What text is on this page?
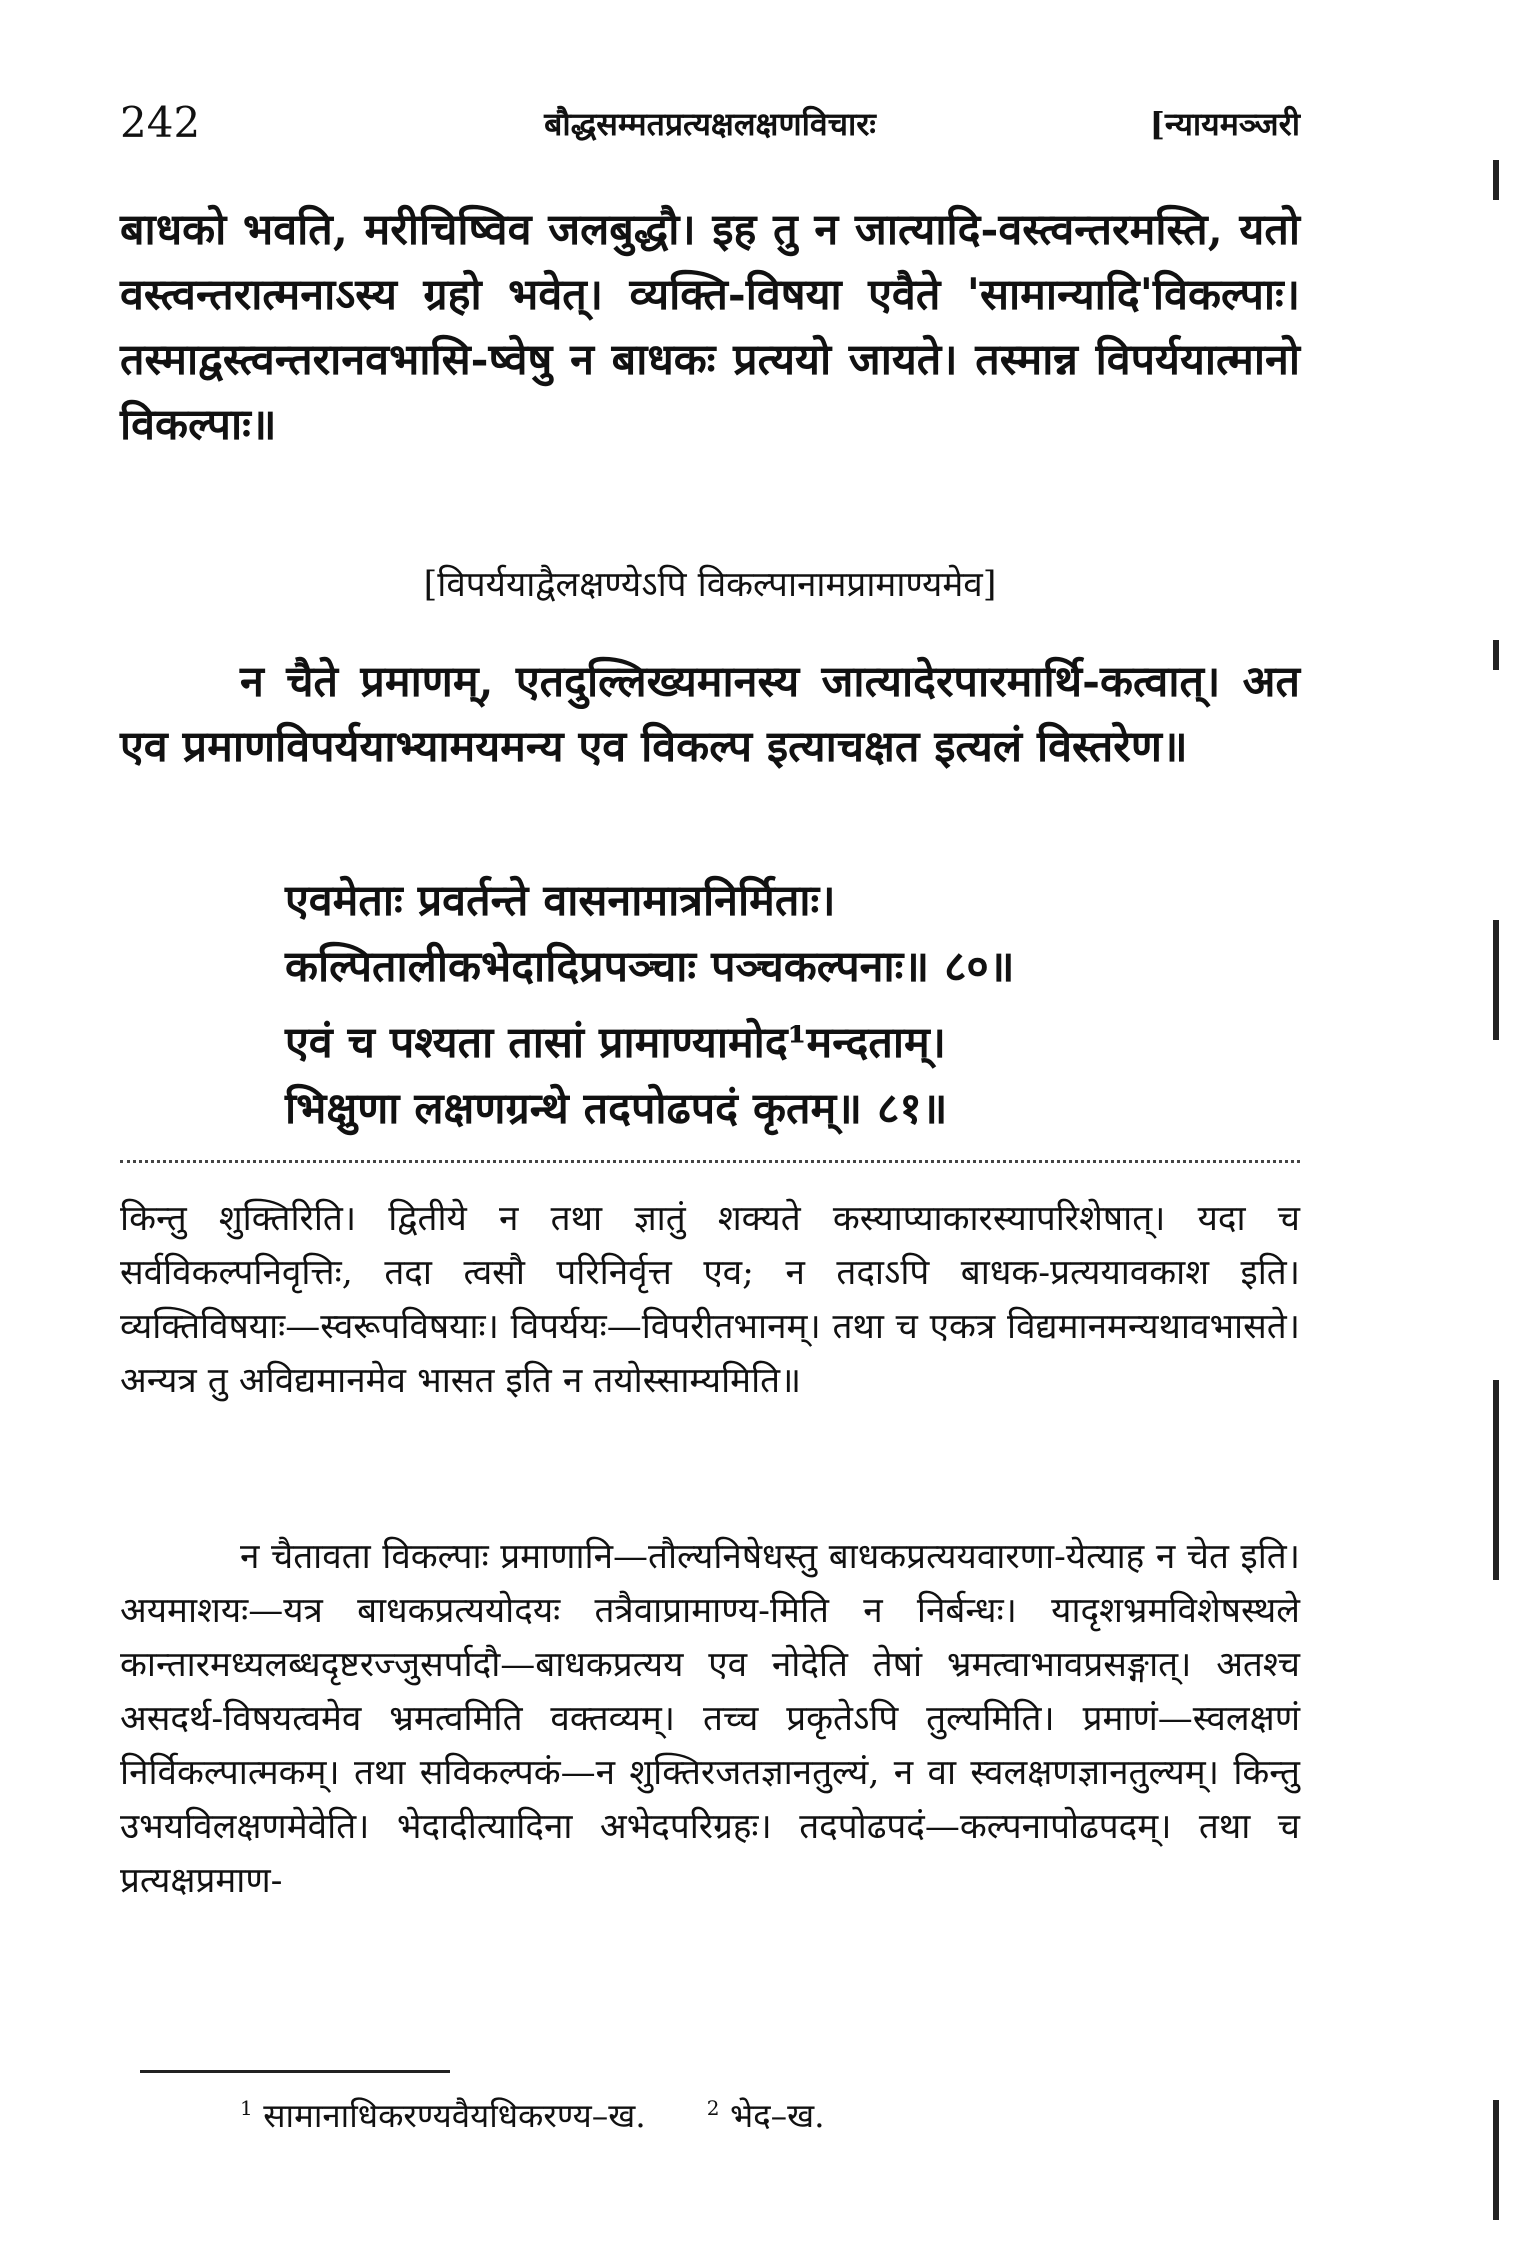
242	बौद्धसम्मतप्रत्यक्षलक्षणविचारः	[न्यायमञ्जरी
बाधको भवति, मरीचिष्विव जलबुद्धौ। इह तु न जात्यादि-वस्त्वन्तरमस्ति, यतो वस्त्वन्तरात्मनाऽस्य ग्रहो भवेत्। व्यक्ति-विषया एवैते 'सामान्यादि'विकल्पाः। तस्माद्वस्त्वन्तरानवभासि-ष्वेषु न बाधकः प्रत्ययो जायते। तस्मान्न विपर्ययात्मानो विकल्पाः॥
[विपर्ययाद्वैलक्षण्येऽपि विकल्पानामप्रामाण्यमेव]
न चैते प्रमाणम्, एतदुल्लिख्यमानस्य जात्यादेरपारमार्थि-कत्वात्। अत एव प्रमाणविपर्ययाभ्यामयमन्य एव विकल्प इत्याचक्षत इत्यलं विस्तरेण॥
एवमेताः प्रवर्तन्ते वासनामात्रनिर्मिताः।
कल्पितालीकभेदादिप्रपञ्चाः पञ्चकल्पनाः॥ ८०॥
एवं च पश्यता तासां प्रामाण्यामोद¹मन्दताम्।
भिक्षुणा लक्षणग्रन्थे तदपोढपदं कृतम्॥ ८१॥
किन्तु शुक्तिरिति। द्वितीये न तथा ज्ञातुं शक्यते कस्याप्याकारस्यापरिशेषात्। यदा च सर्वविकल्पनिवृत्तिः, तदा त्वसौ परिनिर्वृत्त एव; न तदाऽपि बाधक-प्रत्ययावकाश इति। व्यक्तिविषयाः—स्वरूपविषयाः। विपर्ययः—विपरीतभानम्। तथा च एकत्र विद्यमानमन्यथावभासते। अन्यत्र तु अविद्यमानमेव भासत इति न तयोस्साम्यमिति॥
न चैतावता विकल्पाः प्रमाणानि—तौल्यनिषेधस्तु बाधकप्रत्ययवारणा-येत्याह न चेत इति। अयमाशयः—यत्र बाधकप्रत्ययोदयः तत्रैवाप्रामाण्य-मिति न निर्बन्धः। यादृशभ्रमविशेषस्थले कान्तारमध्यलब्धदृष्टरज्जुसर्पादौ—बाधकप्रत्यय एव नोदेति तेषां भ्रमत्वाभावप्रसङ्गात्। अतश्च असदर्थ-विषयत्वमेव भ्रमत्वमिति वक्तव्यम्। तच्च प्रकृतेऽपि तुल्यमिति। प्रमाणं—स्वलक्षणं निर्विकल्पात्मकम्। तथा सविकल्पकं—न शुक्तिरजतज्ञानतुल्यं, न वा स्वलक्षणज्ञानतुल्यम्। किन्तु उभयविलक्षणमेवेति। भेदादीत्यादिना अभेदपरिग्रहः। तदपोढपदं—कल्पनापोढपदम्। तथा च प्रत्यक्षप्रमाण-
$^1$ सामानाधिकरण्यवैयधिकरण्य–ख.	$^2$ भेद–ख.
